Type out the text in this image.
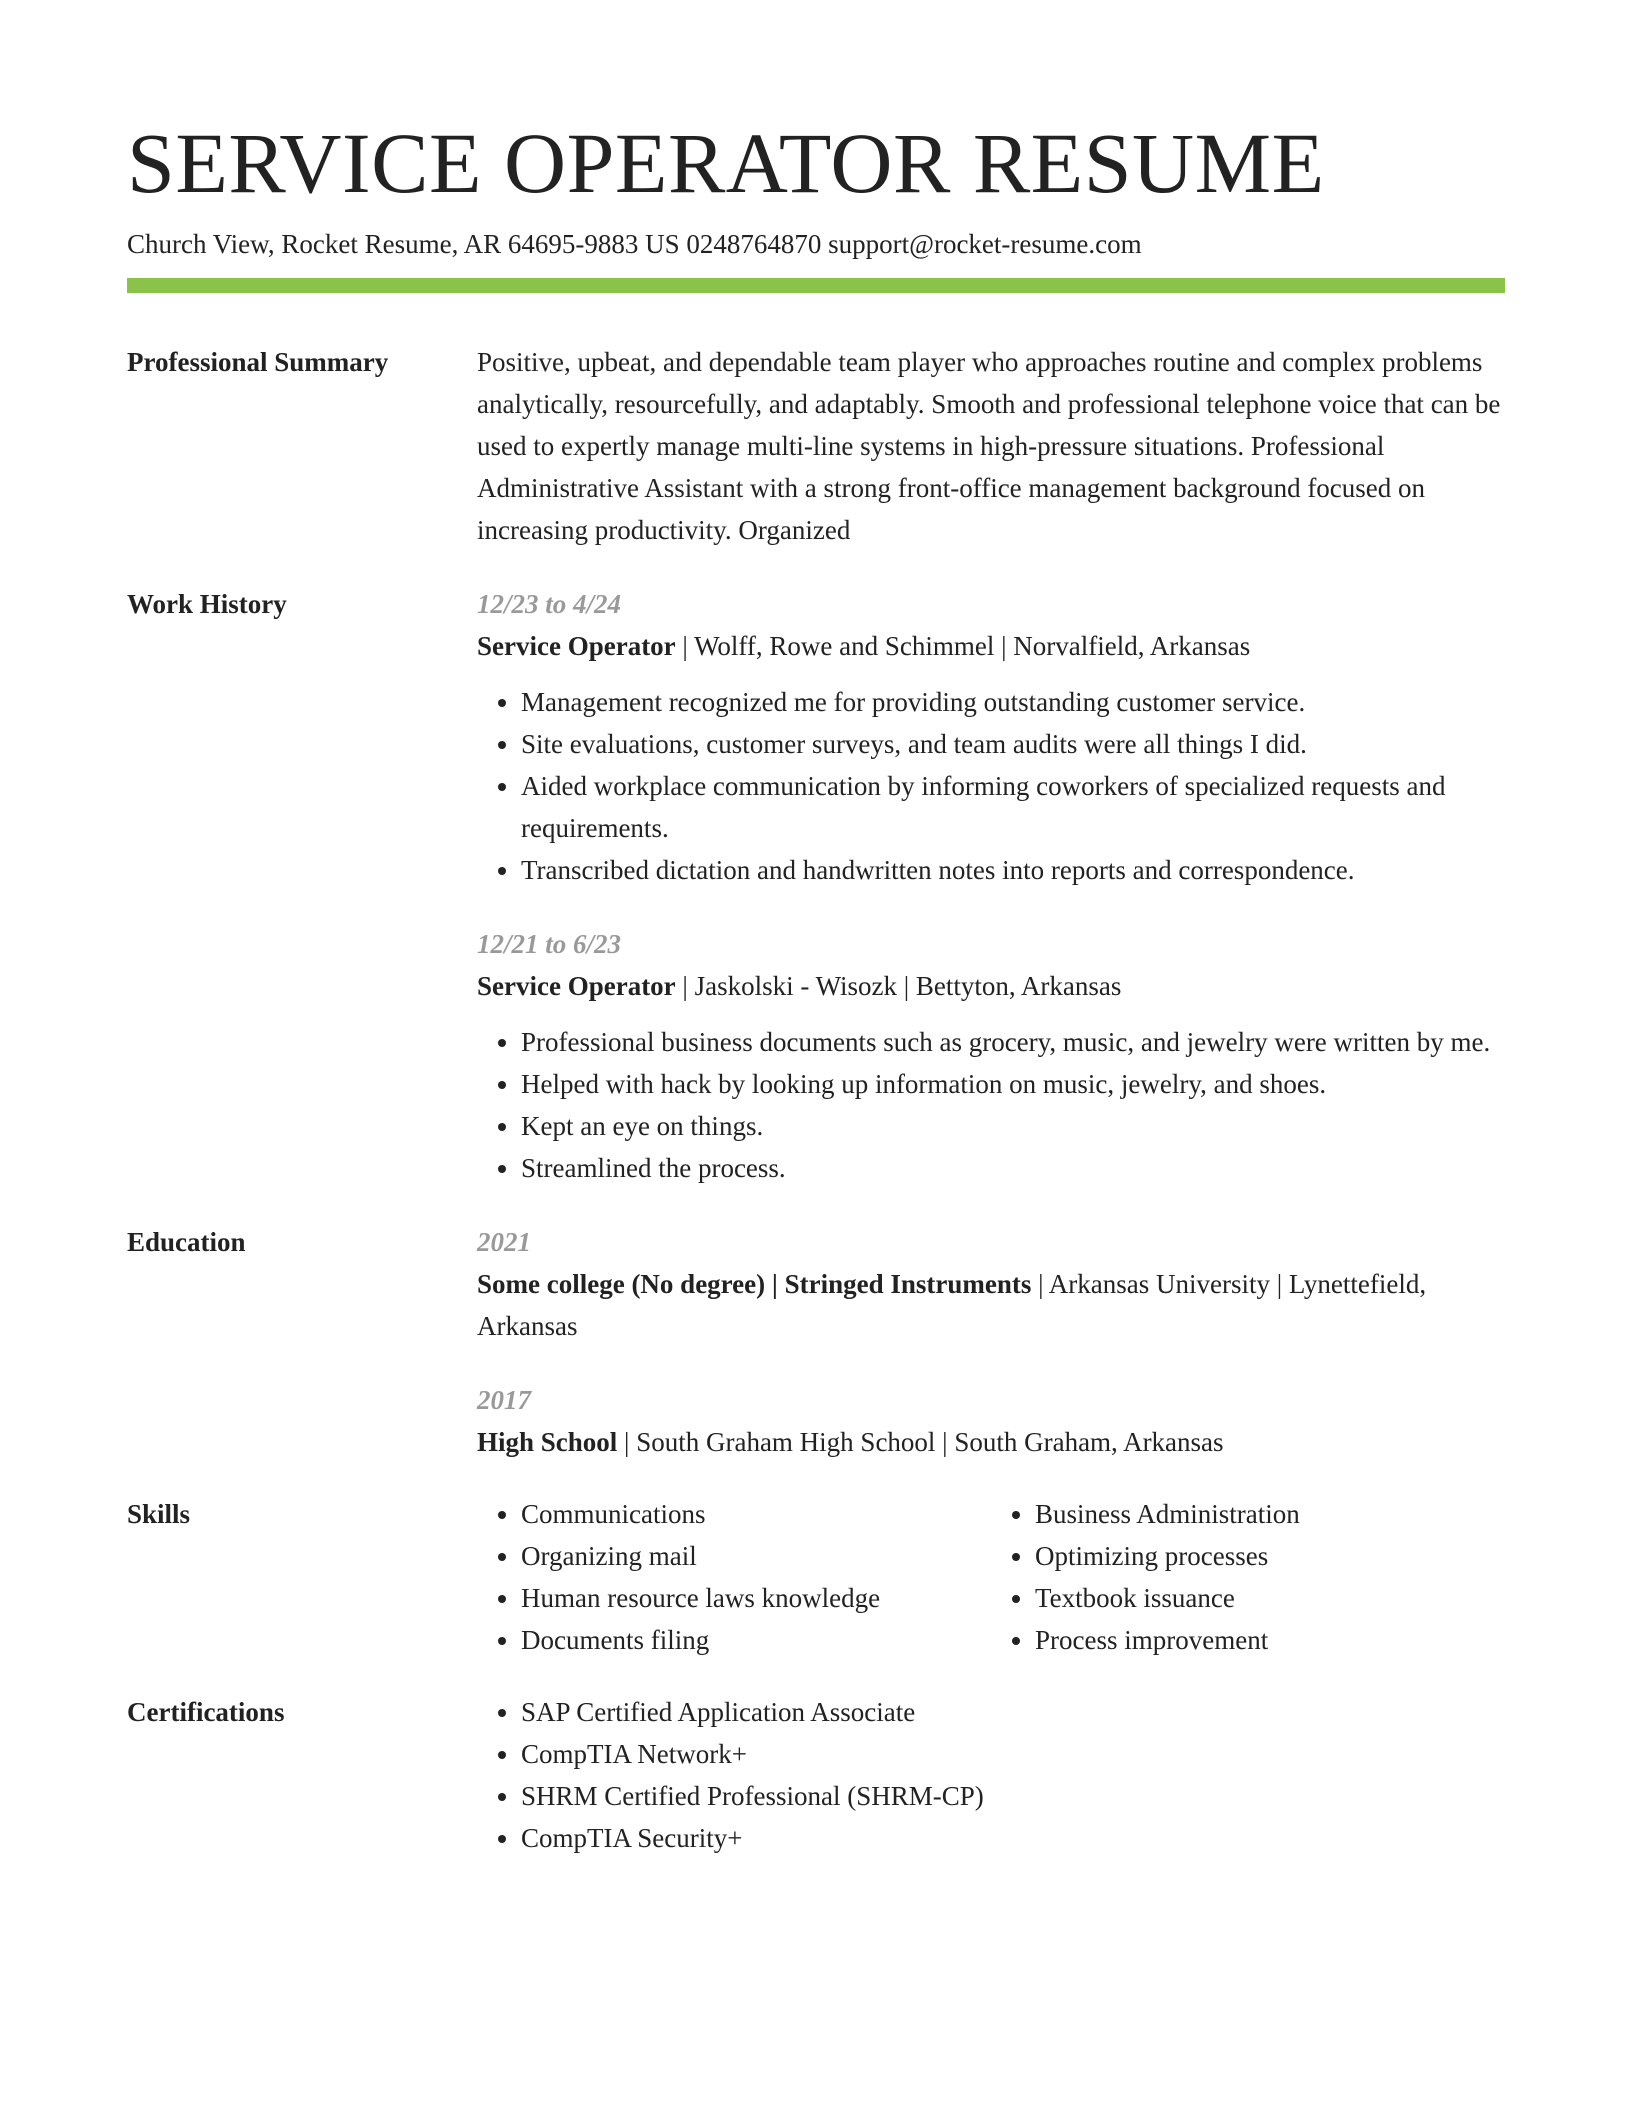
SERVICE OPERATOR RESUME
Church View, Rocket Resume, AR 64695-9883 US 0248764870 support@rocket-resume.com
Professional Summary	Positive, upbeat, and dependable team player who approaches routine and complex problems analytically, resourcefully, and adaptably. Smooth and professional telephone voice that can be used to expertly manage multi-line systems in high-pressure situations. Professional Administrative Assistant with a strong front-office management background focused on increasing productivity. Organized
Work History	12/23 to 4/24
Service Operator | Wolff, Rowe and Schimmel | Norvalfield, Arkansas
• Management recognized me for providing outstanding customer service.
• Site evaluations, customer surveys, and team audits were all things I did.
• Aided workplace communication by informing coworkers of specialized requests and requirements.
• Transcribed dictation and handwritten notes into reports and correspondence.
12/21 to 6/23
Service Operator | Jaskolski - Wisozk | Bettyton, Arkansas
• Professional business documents such as grocery, music, and jewelry were written by me.
• Helped with hack by looking up information on music, jewelry, and shoes.
• Kept an eye on things.
• Streamlined the process.
Education	2021
Some college (No degree) | Stringed Instruments | Arkansas University | Lynettefield, Arkansas
2017
High School | South Graham High School | South Graham, Arkansas
Skills	• Communications
• Organizing mail
• Human resource laws knowledge
• Documents filing
• Business Administration
• Optimizing processes
• Textbook issuance
• Process improvement
Certifications	• SAP Certified Application Associate
• CompTIA Network+
• SHRM Certified Professional (SHRM-CP)
• CompTIA Security+
